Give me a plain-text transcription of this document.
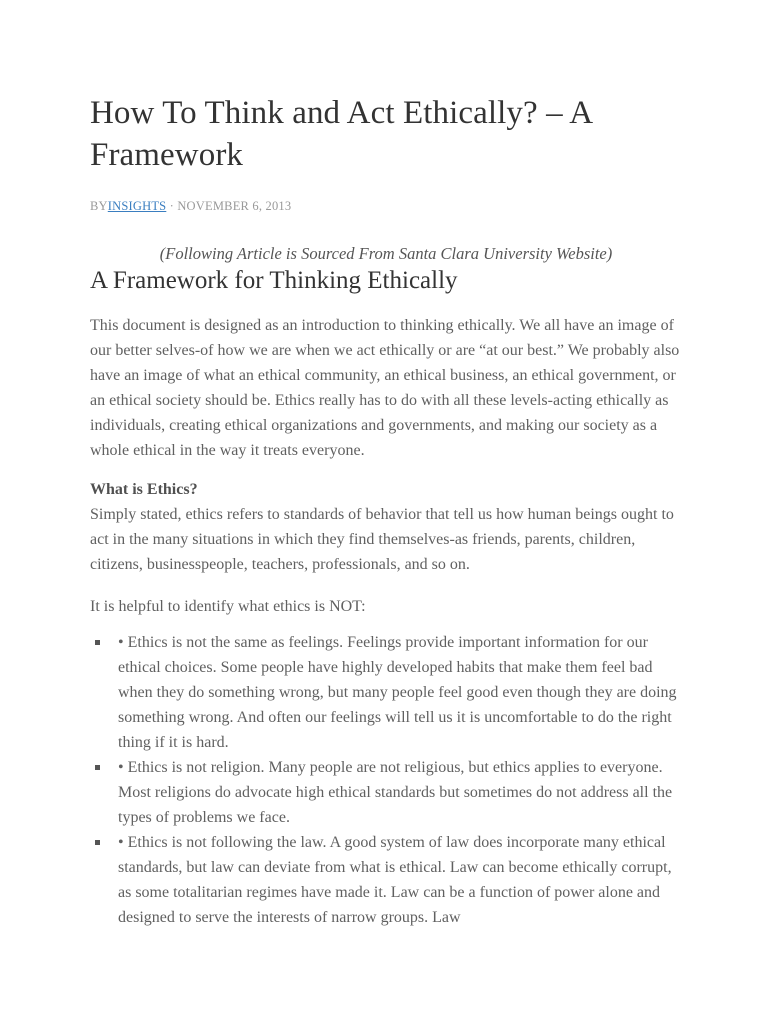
How To Think and Act Ethically? – A Framework
BYINSIGHTS · NOVEMBER 6, 2013

(Following Article is Sourced From Santa Clara University Website)

A Framework for Thinking Ethically

This document is designed as an introduction to thinking ethically. We all have an image of our better selves-of how we are when we act ethically or are “at our best.” We probably also have an image of what an ethical community, an ethical business, an ethical government, or an ethical society should be. Ethics really has to do with all these levels-acting ethically as individuals, creating ethical organizations and governments, and making our society as a whole ethical in the way it treats everyone.

What is Ethics?

Simply stated, ethics refers to standards of behavior that tell us how human beings ought to act in the many situations in which they find themselves-as friends, parents, children, citizens, businesspeople, teachers, professionals, and so on.

It is helpful to identify what ethics is NOT:

• Ethics is not the same as feelings. Feelings provide important information for our ethical choices. Some people have highly developed habits that make them feel bad when they do something wrong, but many people feel good even though they are doing something wrong. And often our feelings will tell us it is uncomfortable to do the right thing if it is hard.
• Ethics is not religion. Many people are not religious, but ethics applies to everyone. Most religions do advocate high ethical standards but sometimes do not address all the types of problems we face.
• Ethics is not following the law. A good system of law does incorporate many ethical standards, but law can deviate from what is ethical. Law can become ethically corrupt, as some totalitarian regimes have made it. Law can be a function of power alone and designed to serve the interests of narrow groups. Law
